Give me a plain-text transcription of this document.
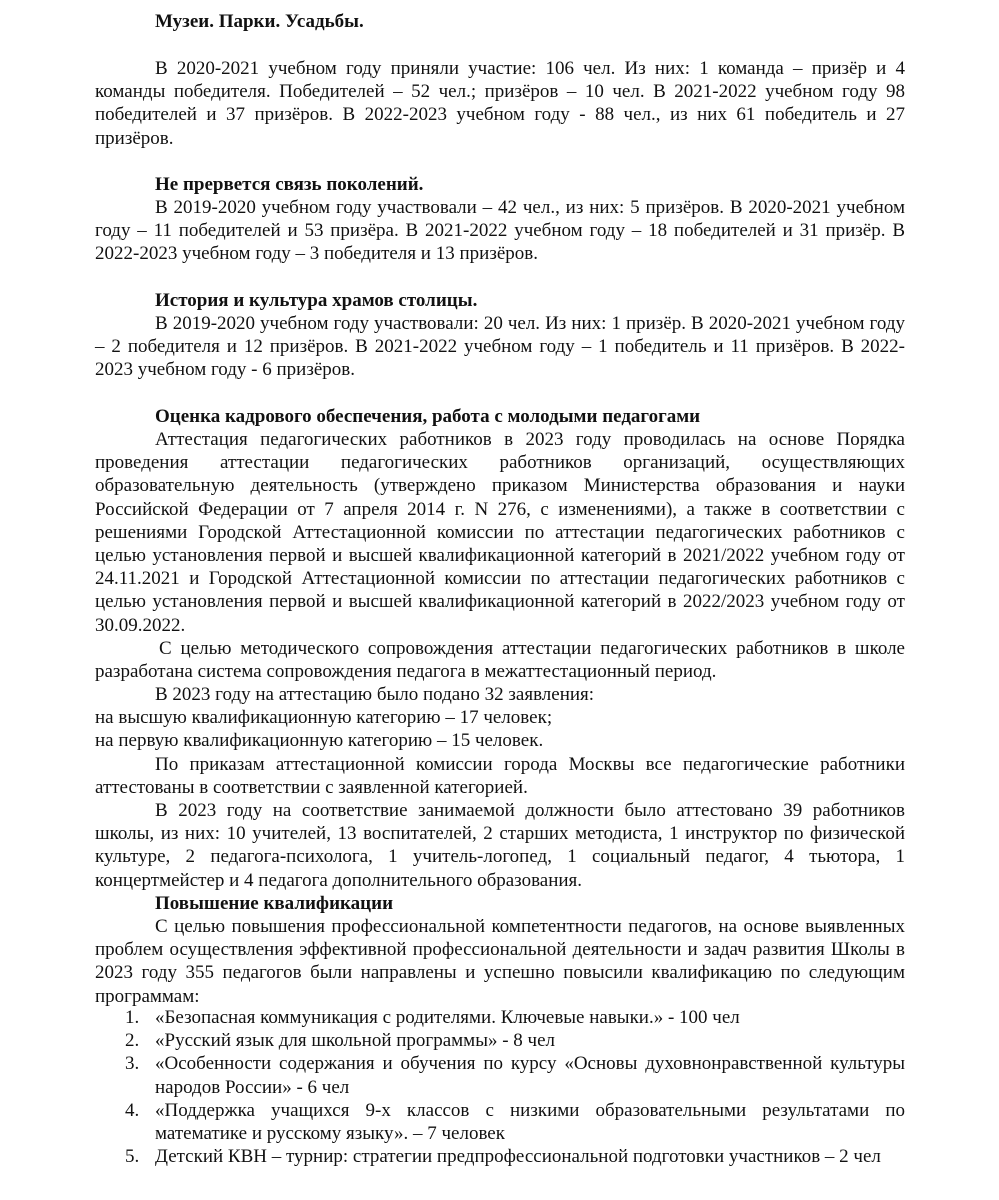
Музеи. Парки. Усадьбы.

В 2020-2021 учебном году приняли участие: 106 чел. Из них: 1 команда – призёр и 4 команды победителя. Победителей – 52 чел.; призёров – 10 чел. В 2021-2022 учебном году 98 победителей и 37 призёров. В 2022-2023 учебном году - 88 чел., из них 61 победитель и 27 призёров.

Не прервется связь поколений.

В 2019-2020 учебном году участвовали – 42 чел., из них: 5 призёров. В 2020-2021 учебном году – 11 победителей и 53 призёра. В 2021-2022 учебном году – 18 победителей и 31 призёр. В 2022-2023 учебном году – 3 победителя и 13 призёров.

История и культура храмов столицы.

В 2019-2020 учебном году участвовали: 20 чел. Из них: 1 призёр. В 2020-2021 учебном году – 2 победителя и 12 призёров. В 2021-2022 учебном году – 1 победитель и 11 призёров. В 2022-2023 учебном году - 6 призёров.

Оценка кадрового обеспечения, работа с молодыми педагогами

Аттестация педагогических работников в 2023 году проводилась на основе Порядка проведения аттестации педагогических работников организаций, осуществляющих образовательную деятельность (утверждено приказом Министерства образования и науки Российской Федерации от 7 апреля 2014 г. N 276, с изменениями), а также в соответствии с решениями Городской Аттестационной комиссии по аттестации педагогических работников с целью установления первой и высшей квалификационной категорий в 2021/2022 учебном году от 24.11.2021 и Городской Аттестационной комиссии по аттестации педагогических работников с целью установления первой и высшей квалификационной категорий в 2022/2023 учебном году от 30.09.2022.

С целью методического сопровождения аттестации педагогических работников в школе разработана система сопровождения педагога в межаттестационный период.

В 2023 году на аттестацию было подано 32 заявления:

на высшую квалификационную категорию – 17 человек;

на первую квалификационную категорию – 15 человек.

По приказам аттестационной комиссии города Москвы все педагогические работники аттестованы в соответствии с заявленной категорией.

В 2023 году на соответствие занимаемой должности было аттестовано 39 работников школы, из них: 10 учителей, 13 воспитателей, 2 старших методиста, 1 инструктор по физической культуре, 2 педагога-психолога, 1 учитель-логопед, 1 социальный педагог, 4 тьютора, 1 концертмейстер и 4 педагога дополнительного образования.

Повышение квалификации

С целью повышения профессиональной компетентности педагогов, на основе выявленных проблем осуществления эффективной профессиональной деятельности и задач развития Школы в 2023 году 355 педагогов были направлены и успешно повысили квалификацию по следующим программам:

1. «Безопасная коммуникация с родителями. Ключевые навыки.» - 100 чел
2. «Русский язык для школьной программы» - 8 чел
3. «Особенности содержания и обучения по курсу «Основы духовнонравственной культуры народов России» - 6 чел
4. «Поддержка учащихся 9-х классов с низкими образовательными результатами по математике и русскому языку». – 7 человек
5. Детский КВН – турнир: стратегии предпрофессиональной подготовки участников – 2 чел
